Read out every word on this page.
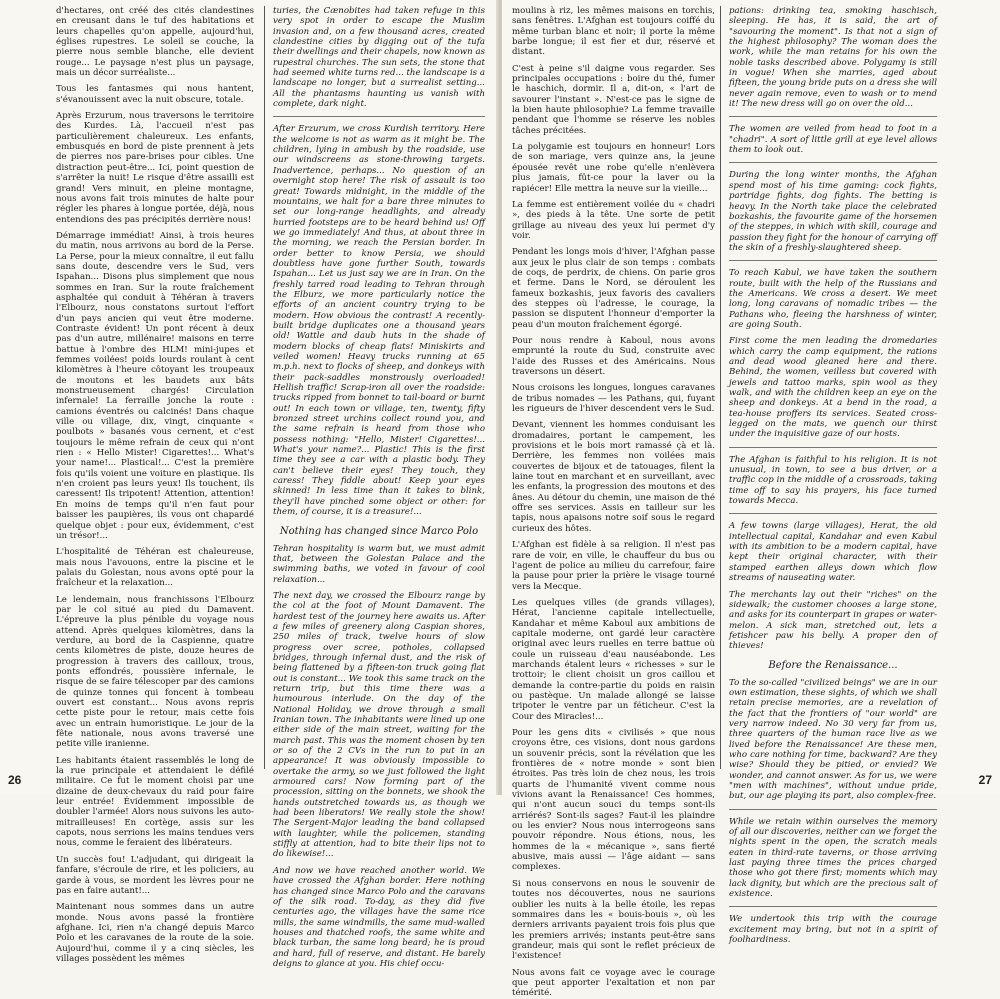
d'hectares, ont créé des cités clandestines en creusant dans le tuf des habitations et leurs chapelles qu'on appelle, aujourd'hui, églises rupestres. Le soleil se couche, la pierre nous semble blanche, elle devient rouge... Le paysage n'est plus un paysage, mais un décor surréaliste...

Tous les fantasmes qui nous hantent, s'évanouissent avec la nuit obscure, totale.

Après Erzurum, nous traversons le territoire des Kurdes. Là, l'accueil n'est pas particulièrement chaleureux. Les enfants, embusqués en bord de piste prennent à jets de pierres nos pare-brises pour cibles. Une distraction peut-être... Ici, point question de s'arrêter la nuit! Le risque d'être assailli est grand! Vers minuit, en pleine montagne, nous avons fait trois minutes de halte pour régler les phares à longue portée, déjà, nous entendions des pas précipités derrière nous!

Démarrage immédiat! Ainsi, à trois heures du matin, nous arrivons au bord de la Perse. La Perse, pour la mieux connaître, il eut fallu sans doute, descendre vers le Sud, vers Ispahan... Disons plus simplement que nous sommes en Iran. Sur la route fraîchement asphaltée qui conduit à Téhéran à travers l'Elbourz, nous constatons surtout l'effort d'un pays ancien qui veut être moderne. Contraste évident! Un pont récent à deux pas d'un autre, millénaire! maisons en terre battue à l'ombre des HLM! mini-jupes et femmes voilées! poids lourds roulant à cent kilomètres à l'heure côtoyant les troupeaux de moutons et les baudets aux bâts monstrueusement chargés! Circulation infernale! La ferraille jonche la route : camions éventrés ou calcinés! Dans chaque ville ou village, dix, vingt, cinquante « poulbots » basanés vous cernent, et c'est toujours le même refrain de ceux qui n'ont rien : « Hello Mister! Cigarettes!... What's your name!... Plastical!... C'est la première fois qu'ils voient une voiture en plastique. Ils n'en croient pas leurs yeux! Ils touchent, ils caressent! Ils tripotent! Attention, attention! En moins de temps qu'il n'en faut pour baisser les paupières, ils vous ont chapardé quelque objet : pour eux, évidemment, c'est un trésor!...

L'hospitalité de Téhéran est chaleureuse, mais nous l'avouons, entre la piscine et le palais du Golestan, nous avons opté pour la fraîcheur et la relaxation...

Le lendemain, nous franchissons l'Elbourz par le col situé au pied du Damavent. L'épreuve la plus pénible du voyage nous attend. Après quelques kilomètres, dans la verdure, au bord de la Caspienne, quatre cents kilomètres de piste, douze heures de progression à travers des cailloux, trous, ponts effondrés, poussière infernale, le risque de se faire télescoper par des camions de quinze tonnes qui foncent à tombeau ouvert est constant... Nous avons repris cette piste pour le retour, mais cette fois avec un entrain humoristique. Le jour de la fête nationale, nous avons traversé une petite ville iranienne.

Les habitants étaient rassemblés le long de la rue principale et attendaient le défilé militaire. Ce fut le moment choisi par une dizaine de deux-chevaux du raid pour faire leur entrée! Évidemment impossible de doubler l'armée! Alors nous suivons les auto-mitrailleuses! En cortège, assis sur les capots, nous serrions les mains tendues vers nous, comme le feraient des libérateurs.

Un succès fou! L'adjudant, qui dirigeait la fanfare, s'écroule de rire, et les policiers, au garde à vous, se mordent les lèvres pour ne pas en faire autant!...

Maintenant nous sommes dans un autre monde. Nous avons passé la frontière afghane. Ici, rien n'a changé depuis Marco Polo et les caravanes de la route de la soie. Aujourd'hui, comme il y a cinq siècles, les villages possèdent les mêmes

turies, the Cænobites had taken refuge in this very spot in order to escape the Muslim invasion and, on a few thousand acres, created clandestine cities by digging out of the tufa their dwellings and their chapels, now known as rupestral churches. The sun sets, the stone that had seemed white turns red... the landscape is a landscape no longer, but a surrealist setting... All the phantasms haunting us vanish with complete, dark night.

After Erzurum, we cross Kurdish territory. Here the welcome is not as warm as it might be. The children, lying in ambush by the roadside, use our windscreens as stone-throwing targets. Inadvertence, perhaps... No question of an overnight stop here! The risk of assault is too great! Towards midnight, in the middle of the mountains, we halt for a bare three minutes to set our long-range headlights, and already hurried footsteps are to be heard behind us! Off we go immediately! And thus, at about three in the morning, we reach the Persian border. In order better to know Persia, we should doubtless have gone further South, towards Ispahan... Let us just say we are in Iran. On the freshly tarred road leading to Tehran through the Elburz, we more particularly notice the efforts of an ancient country trying to be modern. How obvious the contrast! A recently-built bridge duplicates one a thousand years old! Wattle and daub huts in the shade of modern blocks of cheap flats! Miniskirts and veiled women! Heavy trucks running at 65 m.p.h. next to flocks of sheep, and donkeys with their pack-saddles monstrously overloaded! Hellish traffic! Scrap-iron all over the roadside: trucks ripped from bonnet to tail-board or burnt out! In each town or village, ten, twenty, fifty bronzed street urchins collect round you, and the same refrain is heard from those who possess nothing: "Hello, Mister! Cigarettes!... What's your name?... Plastic! This is the first time they see a car with a plastic body. They can't believe their eyes! They touch, they caress! They fiddle about! Keep your eyes skinned! In less time than it takes to blink, they'll have pinched some object or other: for them, of course, it is a treasure!...

Nothing has changed since Marco Polo

Tehran hospitality is warm but, we must admit that, between the Golestan Palace and the swimming baths, we voted in favour of cool relaxation...

The next day, we crossed the Elbourz range by the col at the foot of Mount Damavent. The hardest test of the journey here awaits us. After a few miles of greenery along Caspian shores, 250 miles of track, twelve hours of slow progress over scree, potholes, collapsed bridges, through infernal dust, and the risk of being flattened by a fifteen-ton truck going flat out is constant... We took this same track on the return trip, but this time there was a humourous interlude. On the day of the National Holiday, we drove through a small Iranian town. The inhabitants were lined up one either side of the main street, waiting for the march past. This was the moment chosen by ten or so of the 2 CVs in the run to put in an appearance! It was obviously impossible to overtake the army, so we just followed the light armoured cars! Now forming part of the procession, sitting on the bonnets, we shook the hands outstretched towards us, as though we had been liberators! We really stole the show! The Sergent-Major leading the band collapsed with laughter, while the policemen, standing stiffly at attention, had to bite their lips not to do likewise!...

And now we have reached another world. We have crossed the Afghan border. Here nothing has changed since Marco Polo and the caravans of the silk road. To-day, as they did five centuries ago, the villages have the same rice mills, the same windmills, the same mud-walled houses and thatched roofs, the same white and black turban, the same long beard; he is proud and hard, full of reserve, and distant. He barely deigns to glance at you. His chief occu-

26

moulins à riz, les mêmes maisons en torchis, sans fenêtres. L'Afghan est toujours coiffé du même turban blanc et noir; il porte la même barbe longue; il est fier et dur, réservé et distant.

C'est à peine s'il daigne vous regarder. Ses principales occupations : boire du thé, fumer le haschich, dormir. Il a, dit-on, « l'art de savourer l'instant ». N'est-ce pas le signe de la bien haute philosophie? La femme travaille pendant que l'homme se réserve les nobles tâches précitées.

La polygamie est toujours en honneur! Lors de son mariage, vers quinze ans, la jeune épousée revêt une robe qu'elle n'enlèvera plus jamais, fût-ce pour la laver ou la rapiécer! Elle mettra la neuve sur la vieille...

La femme est entièrement voilée du « chadri », des pieds à la tête. Une sorte de petit grillage au niveau des yeux lui permet d'y voir.

Pendant les longs mois d'hiver, l'Afghan passe aux jeux le plus clair de son temps : combats de coqs, de perdrix, de chiens. On parie gros et ferme. Dans le Nord, se déroulent les fameux bozkashis, jeux favoris des cavaliers des steppes où l'adresse, le courage, la passion se disputent l'honneur d'emporter la peau d'un mouton fraîchement égorgé.

Pour nous rendre à Kaboul, nous avons emprunté la route du Sud, construite avec l'aide des Russes et des Américains. Nous traversons un désert.

Nous croisons les longues, longues caravanes de tribus nomades — les Pathans, qui, fuyant les rigueurs de l'hiver descendent vers le Sud.

Devant, viennent les hommes conduisant les dromadaires, portant le campement, les provisions et le bois mort ramassé çà et là. Derrière, les femmes non voilées mais couvertes de bijoux et de tatouages, filent la laine tout en marchant et en surveillant, avec les enfants, la progression des moutons et des ânes. Au détour du chemin, une maison de thé offre ses services. Assis en tailleur sur les tapis, nous apaisons notre soif sous le regard curieux des hôtes.

L'Afghan est fidèle à sa religion. Il n'est pas rare de voir, en ville, le chauffeur du bus ou l'agent de police au milieu du carrefour, faire la pause pour prier la prière le visage tourné vers la Mecque.

Les quelques villes (de grands villages), Hérat, l'ancienne capitale intellectuelle, Kandahar et même Kaboul aux ambitions de capitale moderne, ont gardé leur caractère original avec leurs ruelles en terre battue où coule un ruisseau d'eau nauséabonde. Les marchands étalent leurs « richesses » sur le trottoir; le client choisit un gros caillou et demande la contre-partie du poids en raisin ou pastèque. Un malade allongé se laisse tripoter le ventre par un féticheur. C'est la Cour des Miracles!...

Pour les gens dits « civilisés » que nous croyons être, ces visions, dont nous gardons un souvenir précis, sont la révélation que les frontières de « notre monde » sont bien étroites. Pas très loin de chez nous, les trois quarts de l'humanité vivent comme nous vivions avant la Renaissance! Ces hommes, qui n'ont aucun souci du temps sont-ils arriérés? Sont-ils sages? Faut-il les plaindre ou les envier? Nous nous interrogeons sans pouvoir répondre. Nous étions, nous, les hommes de la « mécanique », sans fierté abusive, mais aussi — l'âge aidant — sans complexes.

Si nous conservons en nous le souvenir de toutes nos découvertes, nous ne saurions oublier les nuits à la belle étoile, les repas sommaires dans les « bouis-bouis », où les derniers arrivants payaient trois fois plus que les premiers arrivés; instants peut-être sans grandeur, mais qui sont le reflet précieux de l'existence!

Nous avons fait ce voyage avec le courage que peut apporter l'exaltation et non par témérité.

pations: drinking tea, smoking haschisch, sleeping. He has, it is said, the art of "savouring the moment". Is that not a sign of the highest philosophy? The woman does the work, while the man retains for his own the noble tasks described above. Polygamy is still in vogue! When she marries, aged about fifteen, the young bride puts on a dress she will never again remove, even to wash or to mend it! The new dress will go on over the old...

The women are veiled from head to foot in a "chadri". A sort of little grill at eye level allows them to look out.

During the long winter months, the Afghan spend most of his time gaming: cock fights, partridge fights, dog fights. The betting is heavy. In the North take place the celebrated bozkashis, the favourite game of the horsemen of the steppes, in which with skill, courage and passion they fight for the honour of carrying off the skin of a freshly-slaughtered sheep.

To reach Kabul, we have taken the southern route, built with the help of the Russians and the Americans. We cross a desert. We meet long, long caravans of nomadic tribes — the Pathans who, fleeing the harshness of winter, are going South.

First come the men leading the dromedaries which carry the camp equipment, the rations and dead wood gleaned here and there. Behind, the women, veilless but covered with jewels and tattoo marks, spin wool as they walk, and with the children keep an eye on the sheep and donkeys. At a bend in the road, a tea-house proffers its services. Seated cross-legged on the mats, we quench our thirst under the inquisitive gaze of our hosts.

The Afghan is faithful to his religion. It is not unusual, in town, to see a bus driver, or a traffic cop in the middle of a crossroads, taking time off to say his prayers, his face turned towards Mecca.

A few towns (large villages), Herat, the old intellectual capital, Kandahar and even Kabul with its ambition to be a modern capital, have kept their original character, with their stamped earthen alleys down which flow streams of nauseating water.

The merchants lay out their "riches" on the sidewalk; the customer chooses a large stone, and asks for its counterpart in grapes or water-melon. A sick man, stretched out, lets a fetishcer paw his belly. A proper den of thieves!

Before the Renaissance...

To the so-called "civilized beings" we are in our own estimation, these sights, of which we shall retain precise memories, are a revelation of the fact that the frontiers of "our world" are very narrow indeed. No 30 very far from us, three quarters of the human race live as we lived before the Renaissance! Are these men, who care nothing for time, backward? Are they wise? Should they be pitied, or envied? We wonder, and cannot answer. As for us, we were "men with machines", without undue pride, but, our age playing its part, also complex-free.

While we retain within ourselves the memory of all our discoveries, neither can we forget the nights spent in the open, the scratch meals eaten in third-rate taverns, or those arriving last paying three times the prices charged those who got there first; moments which may lack dignity, but which are the precious salt of existence.

We undertook this trip with the courage excitement may bring, but not in a spirit of foolhardiness.

27
